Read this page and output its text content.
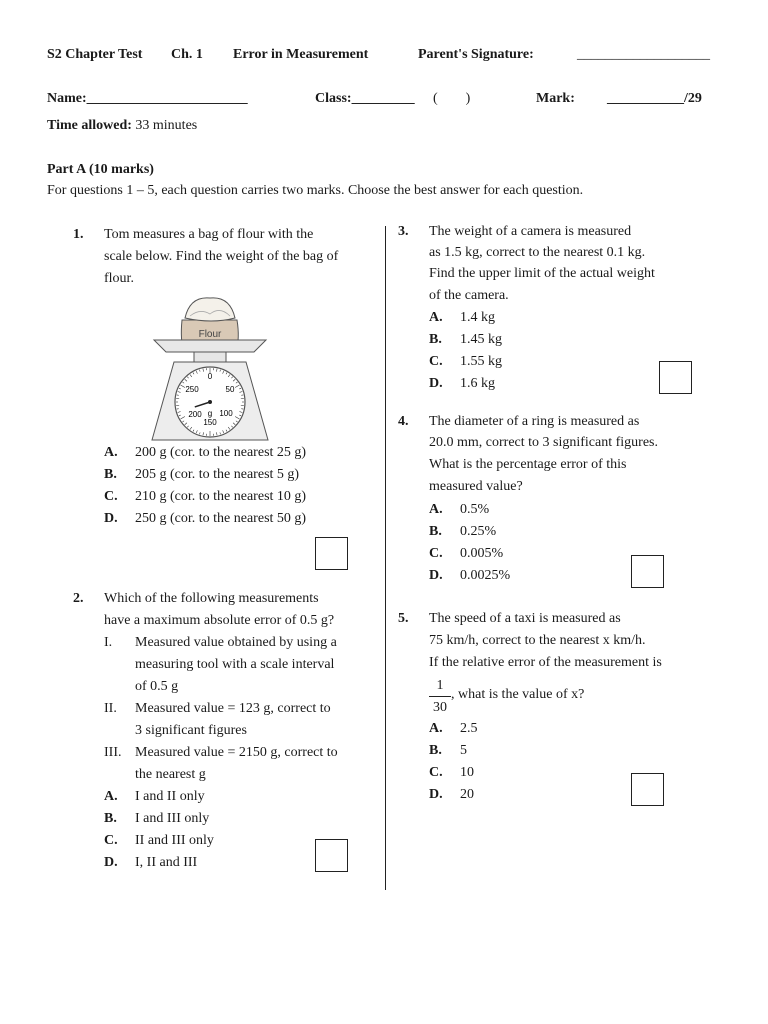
S2 Chapter Test Ch. 1 Error in Measurement	Parent's Signature:	___________________
Name:_______________________	Class:_________ (        )	Mark: ___________/29
Time allowed: 33 minutes
Part A (10 marks)
For questions 1 – 5, each question carries two marks. Choose the best answer for each question.
1. Tom measures a bag of flour with the
scale below. Find the weight of the bag of
flour.
Flour
0
50
100
150
200
250
g
A. 200 g (cor. to the nearest 25 g)
B. 205 g (cor. to the nearest 5 g)
C. 210 g (cor. to the nearest 10 g)
D. 250 g (cor. to the nearest 50 g)
2. Which of the following measurements
have a maximum absolute error of 0.5 g?
I. Measured value obtained by using a
measuring tool with a scale interval
of 0.5 g
II. Measured value = 123 g, correct to
3 significant figures
III. Measured value = 2150 g, correct to
the nearest g
A. I and II only
B. I and III only
C. II and III only
D. I, II and III
3. The weight of a camera is measured
as 1.5 kg, correct to the nearest 0.1 kg.
Find the upper limit of the actual weight
of the camera.
A. 1.4 kg
B. 1.45 kg
C. 1.55 kg
D. 1.6 kg
4. The diameter of a ring is measured as
20.0 mm, correct to 3 significant figures.
What is the percentage error of this
measured value?
A. 0.5%
B. 0.25%
C. 0.005%
D. 0.0025%
5. The speed of a taxi is measured as
75 km/h, correct to the nearest x km/h.
If the relative error of the measurement is
1
30
, what is the value of x?
A. 2.5
B. 5
C. 10
D. 20
